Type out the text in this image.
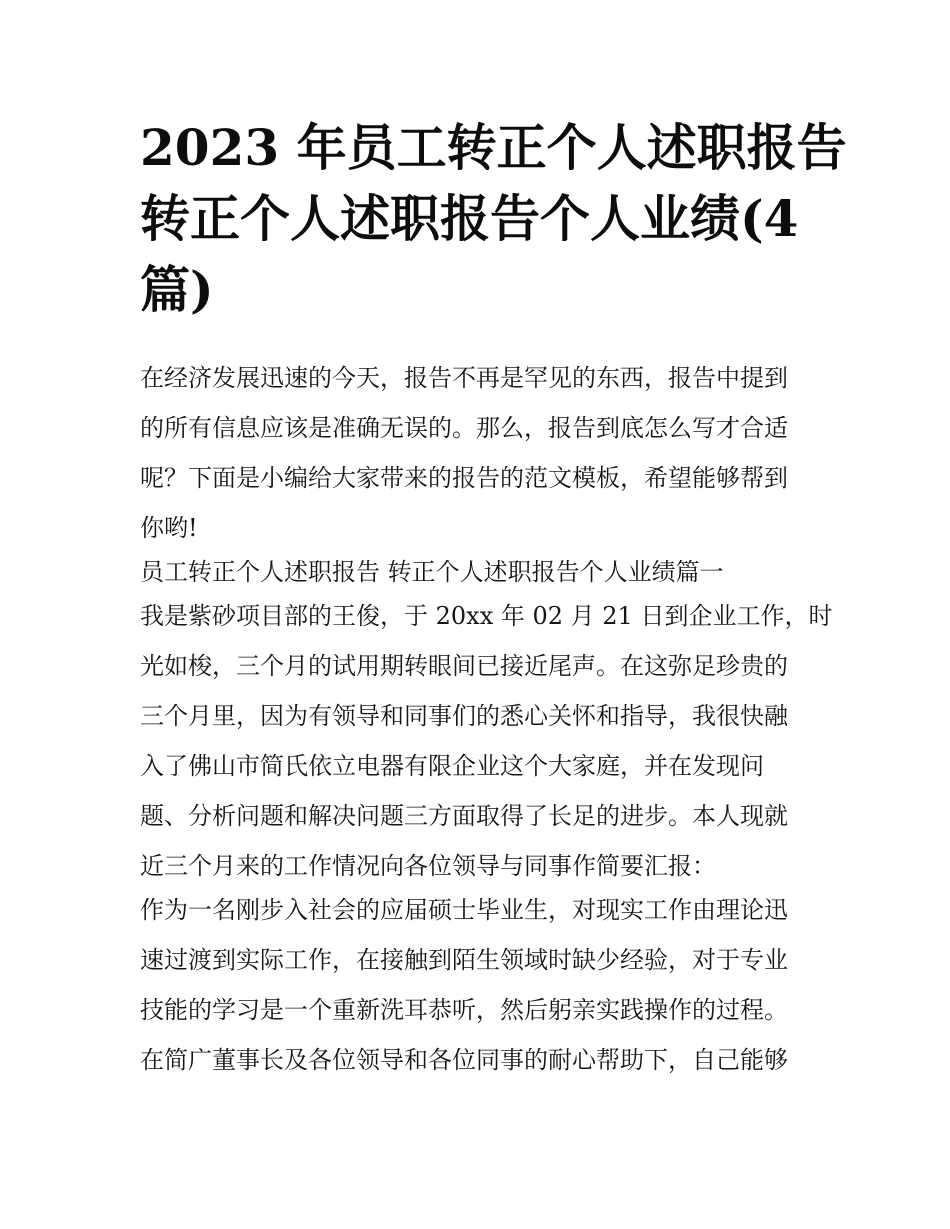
2023 年员工转正个人述职报告
转正个人述职报告个人业绩(4
篇)
在经济发展迅速的今天，报告不再是罕见的东西，报告中提到
的所有信息应该是准确无误的。那么，报告到底怎么写才合适
呢？下面是小编给大家带来的报告的范文模板，希望能够帮到
你哟!
员工转正个人述职报告 转正个人述职报告个人业绩篇一
我是紫砂项目部的王俊，于 20xx 年 02 月 21 日到企业工作，时
光如梭，三个月的试用期转眼间已接近尾声。在这弥足珍贵的
三个月里，因为有领导和同事们的悉心关怀和指导，我很快融
入了佛山市简氏依立电器有限企业这个大家庭，并在发现问
题、分析问题和解决问题三方面取得了长足的进步。本人现就
近三个月来的工作情况向各位领导与同事作简要汇报：
作为一名刚步入社会的应届硕士毕业生，对现实工作由理论迅
速过渡到实际工作，在接触到陌生领域时缺少经验，对于专业
技能的学习是一个重新洗耳恭听，然后躬亲实践操作的过程。
在简广董事长及各位领导和各位同事的耐心帮助下，自己能够
